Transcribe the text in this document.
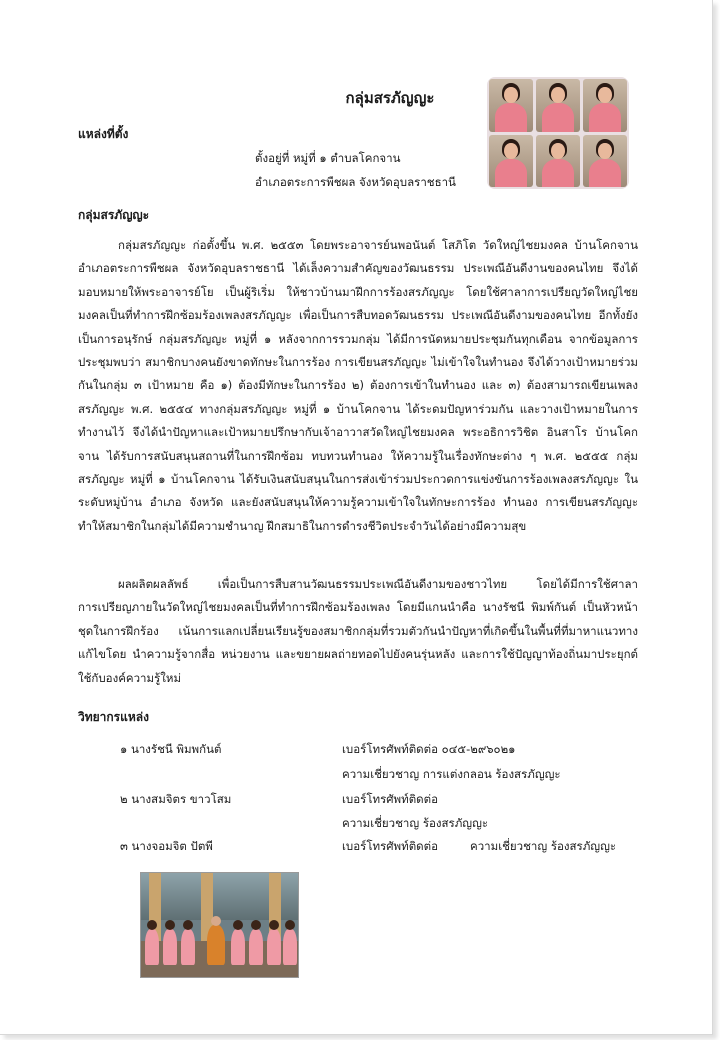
กลุ่มสรภัญญะ
แหล่งที่ตั้ง
ตั้งอยู่ที่ หมู่ที่ ๑ ตำบลโคกจาน
อำเภอตระการพืชผล จังหวัดอุบลราชธานี
กลุ่มสรภัญญะ

กลุ่มสรภัญญะ ก่อตั้งขึ้น พ.ศ. ๒๕๕๓ โดยพระอาจารย์นพอนันต์ โสภิโต วัดใหญ่ไชยมงคล บ้านโคกจาน อำเภอตระการพืชผล จังหวัดอุบลราชธานี ได้เล็งความสำคัญของวัฒนธรรม ประเพณีอันดีงานของคนไทย จึงได้มอบหมายให้พระอาจารย์โย เป็นผู้ริเริ่ม ให้ชาวบ้านมาฝึกการร้องสรภัญญะ โดยใช้ศาลาการเปรียญวัดใหญ่ไชยมงคลเป็นที่ทำการฝึกซ้อมร้องเพลงสรภัญญะ เพื่อเป็นการสืบทอดวัฒนธรรม ประเพณีอันดีงามของคนไทย อีกทั้งยังเป็นการอนุรักษ์ กลุ่มสรภัญญะ หมู่ที่ ๑ หลังจากการรวมกลุ่ม ได้มีการนัดหมายประชุมกันทุกเดือน จากข้อมูลการประชุมพบว่า สมาชิกบางคนยังขาดทักษะในการร้อง การเขียนสรภัญญะ ไม่เข้าใจในทำนอง จึงได้วางเป้าหมายร่วมกันในกลุ่ม ๓ เป้าหมาย คือ ๑) ต้องมีทักษะในการร้อง ๒) ต้องการเข้าในทำนอง และ ๓) ต้องสามารถเขียนเพลงสรภัญญะ พ.ศ. ๒๕๕๔ ทางกลุ่มสรภัญญะ หมู่ที่ ๑ บ้านโคกจาน ได้ระดมปัญหาร่วมกัน และวางเป้าหมายในการทำงานไว้ จึงได้นำปัญหาและเป้าหมายปรึกษากับเจ้าอาวาสวัดใหญ่ไชยมงคล พระอธิการวิชิต อินสาโร บ้านโคกจาน ได้รับการสนับสนุนสถานที่ในการฝึกซ้อม ทบทวนทำนอง ให้ความรู้ในเรื่องทักษะต่าง ๆ พ.ศ. ๒๕๕๕ กลุ่มสรภัญญะ หมู่ที่ ๑ บ้านโคกจาน ได้รับเงินสนับสนุนในการส่งเข้าร่วมประกวดการแข่งขันการร้องเพลงสรภัญญะ ในระดับหมู่บ้าน อำเภอ จังหวัด และยังสนับสนุนให้ความรู้ความเข้าใจในทักษะการร้อง ทำนอง การเขียนสรภัญญะ ทำให้สมาชิกในกลุ่มได้มีความชำนาญ ฝึกสมาธิในการดำรงชีวิตประจำวันได้อย่างมีความสุข

ผลผลิตผลลัพธ์ เพื่อเป็นการสืบสานวัฒนธรรมประเพณีอันดีงามของชาวไทย โดยได้มีการใช้ศาลาการเปรียญภายในวัดใหญ่ไชยมงคลเป็นที่ทำการฝึกซ้อมร้องเพลง โดยมีแกนนำคือ นางรัชนี พิมพ์กันต์ เป็นหัวหน้าชุดในการฝึกร้อง เน้นการแลกเปลี่ยนเรียนรู้ของสมาชิกกลุ่มที่รวมตัวกันนำปัญหาที่เกิดขึ้นในพื้นที่ที่มาหาแนวทางแก้ไขโดย นำความรู้จากสื่อ หน่วยงาน และขยายผลถ่ายทอดไปยังคนรุ่นหลัง และการใช้ปัญญาท้องถิ่นมาประยุกต์ใช้กับองค์ความรู้ใหม่

วิทยากรแหล่ง
๑ นางรัชนี พิมพกันต์	เบอร์โทรศัพท์ติดต่อ ๐๔๕-๒๙๖๐๒๑
ความเชี่ยวชาญ การแต่งกลอน ร้องสรภัญญะ
๒ นางสมจิตร ขาวโสม	เบอร์โทรศัพท์ติดต่อ
ความเชี่ยวชาญ ร้องสรภัญญะ
๓ นางจอมจิต ปัตพี	เบอร์โทรศัพท์ติดต่อ	ความเชี่ยวชาญ ร้องสรภัญญะ
